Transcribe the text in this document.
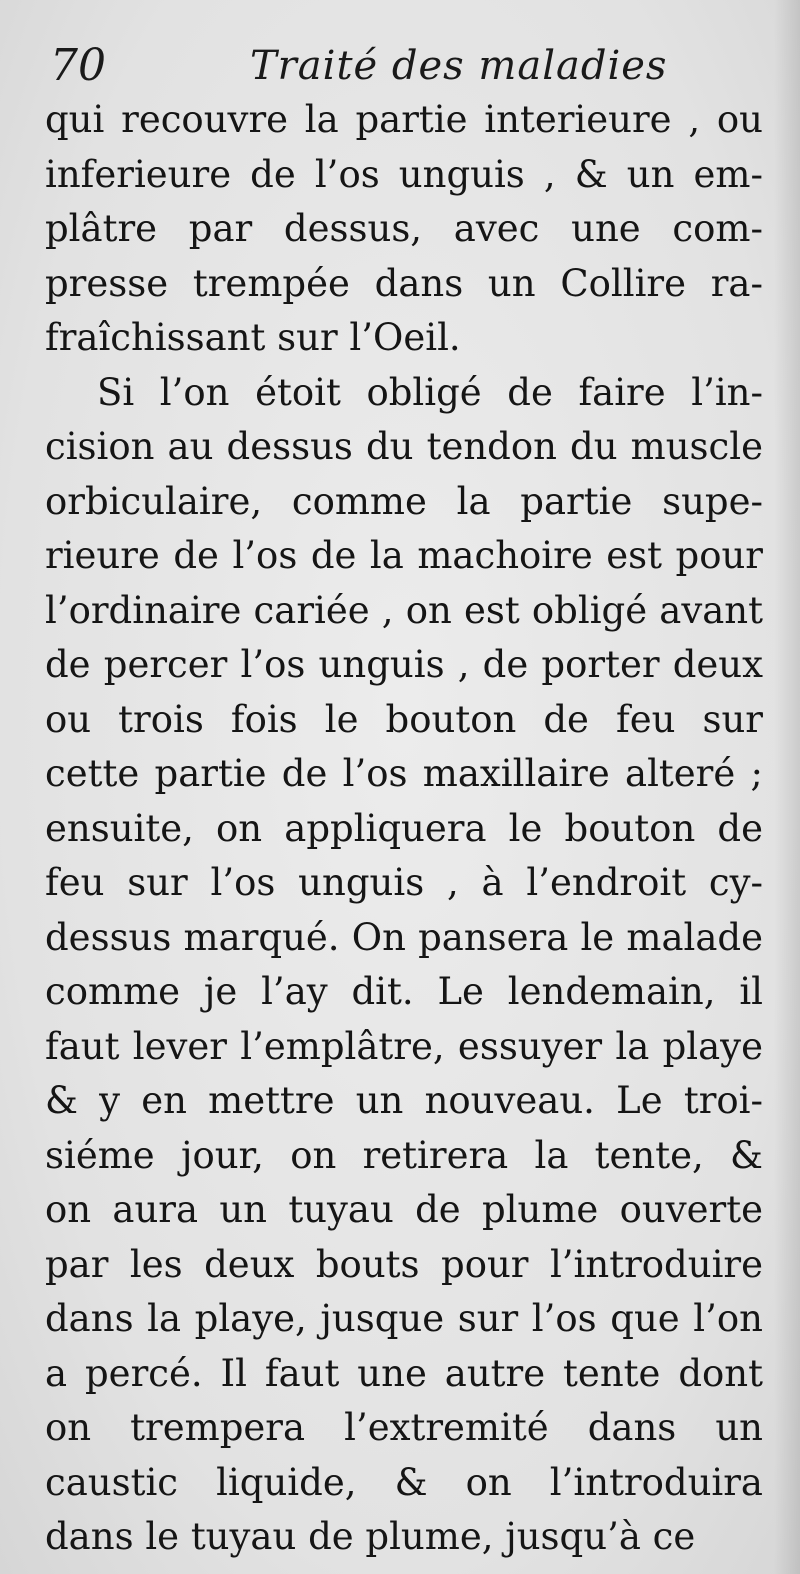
70	Traité des maladies
qui recouvre la partie interieure , ou
inferieure de l’os unguis , & un em-
plâtre par dessus, avec une com-
presse trempée dans un Collire ra-
fraîchissant sur l’Oeil.
Si l’on étoit obligé de faire l’in-
cision au dessus du tendon du muscle
orbiculaire, comme la partie supe-
rieure de l’os de la machoire est pour
l’ordinaire cariée , on est obligé avant
de percer l’os unguis , de porter deux
ou trois fois le bouton de feu sur
cette partie de l’os maxillaire alteré ;
ensuite, on appliquera le bouton de
feu sur l’os unguis , à l’endroit cy-
dessus marqué. On pansera le malade
comme je l’ay dit. Le lendemain, il
faut lever l’emplâtre, essuyer la playe
& y en mettre un nouveau. Le troi-
siéme jour, on retirera la tente, &
on aura un tuyau de plume ouverte
par les deux bouts pour l’introduire
dans la playe, jusque sur l’os que l’on
a percé. Il faut une autre tente dont
on trempera l’extremité dans un
caustic liquide, & on l’introduira
dans le tuyau de plume, jusqu’à ce
